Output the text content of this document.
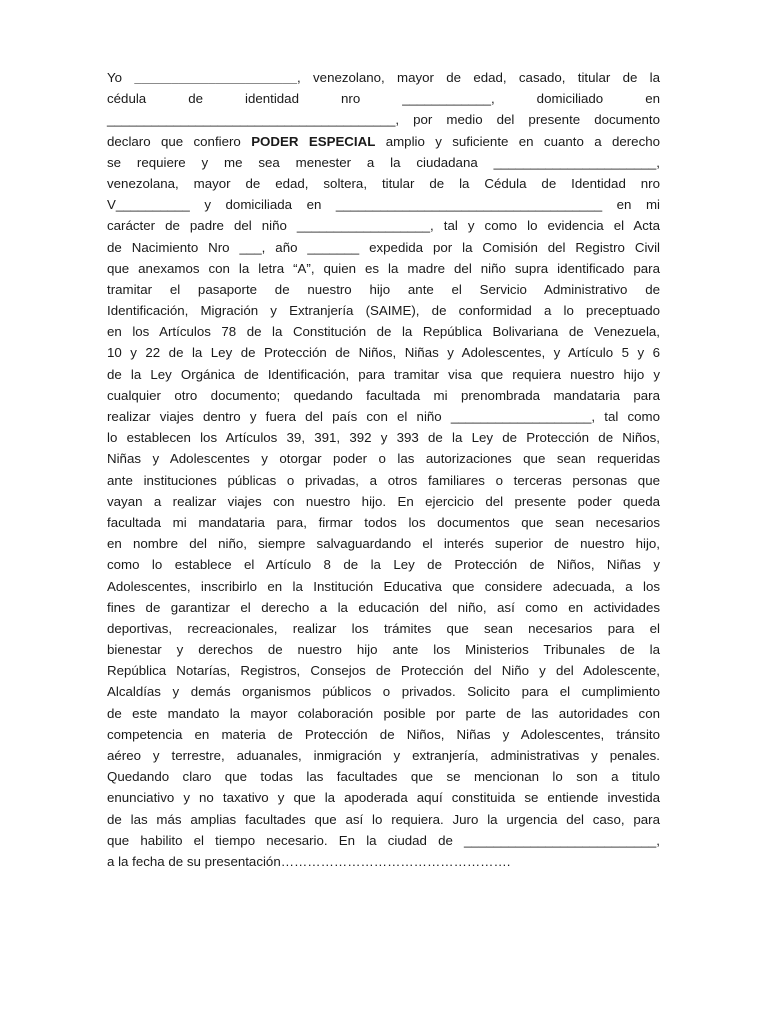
Yo ______________________, venezolano, mayor de edad, casado, titular de la
cédula de identidad nro ____________, domiciliado en
_______________________________________, por medio del presente documento
declaro que confiero PODER ESPECIAL amplio y suficiente en cuanto a derecho
se requiere y me sea menester a la ciudadana ______________________,
venezolana, mayor de edad, soltera, titular de la Cédula de Identidad nro
V__________ y domiciliada en ____________________________________ en mi
carácter de padre del niño __________________, tal y como lo evidencia el Acta
de Nacimiento Nro ___, año _______ expedida por la Comisión del Registro Civil
que anexamos con la letra “A”, quien es la madre del niño supra identificado para
tramitar el pasaporte de nuestro hijo ante el Servicio Administrativo de
Identificación, Migración y Extranjería (SAIME), de conformidad a lo preceptuado
en los Artículos 78 de la Constitución de la República Bolivariana de Venezuela,
10 y 22 de la Ley de Protección de Niños, Niñas y Adolescentes, y Artículo 5 y 6
de la Ley Orgánica de Identificación, para tramitar visa que requiera nuestro hijo y
cualquier otro documento; quedando facultada mi prenombrada mandataria para
realizar viajes dentro y fuera del país con el niño ___________________, tal como
lo establecen los Artículos 39, 391, 392 y 393 de la Ley de Protección de Niños,
Niñas y Adolescentes y otorgar poder o las autorizaciones que sean requeridas
ante instituciones públicas o privadas, a otros familiares o terceras personas que
vayan a realizar viajes con nuestro hijo. En ejercicio del presente poder queda
facultada mi mandataria para, firmar todos los documentos que sean necesarios
en nombre del niño, siempre salvaguardando el interés superior de nuestro hijo,
como lo establece el Artículo 8 de la Ley de Protección de Niños, Niñas y
Adolescentes, inscribirlo en la Institución Educativa que considere adecuada, a los
fines de garantizar el derecho a la educación del niño, así como en actividades
deportivas, recreacionales, realizar los trámites que sean necesarios para el
bienestar y derechos de nuestro hijo ante los Ministerios Tribunales de la
República Notarías, Registros, Consejos de Protección del Niño y del Adolescente,
Alcaldías y demás organismos públicos o privados. Solicito para el cumplimiento
de este mandato la mayor colaboración posible por parte de las autoridades con
competencia en materia de Protección de Niños, Niñas y Adolescentes, tránsito
aéreo y terrestre, aduanales, inmigración y extranjería, administrativas y penales.
Quedando claro que todas las facultades que se mencionan lo son a titulo
enunciativo y no taxativo y que la apoderada aquí constituida se entiende investida
de las más amplias facultades que así lo requiera. Juro la urgencia del caso, para
que habilito el tiempo necesario. En la ciudad de __________________________,
a la fecha de su presentación…………………………………………….
